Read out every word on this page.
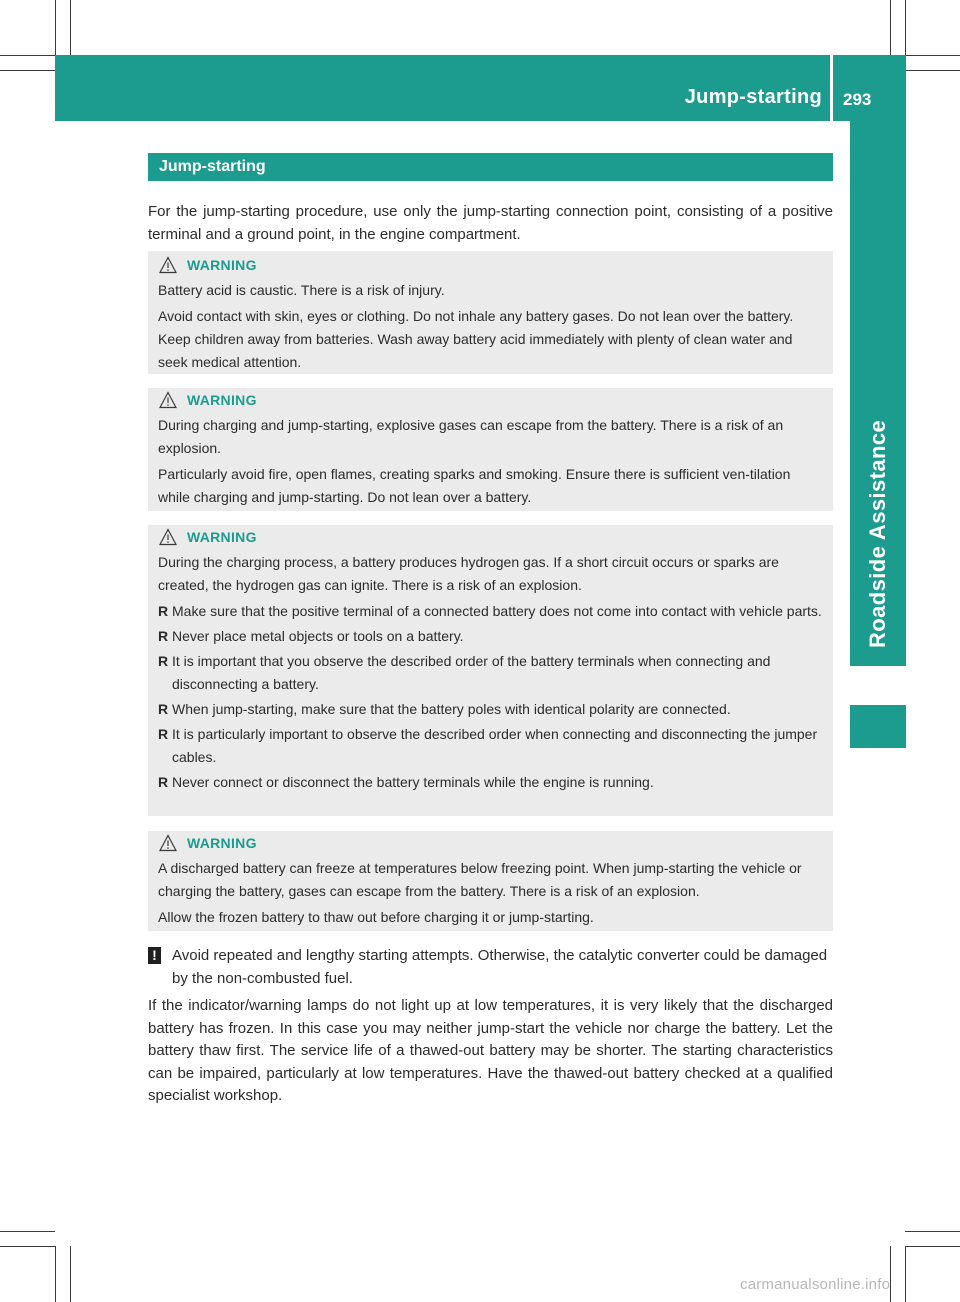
Jump-starting 293
Roadside Assistance
Jump-starting

For the jump-starting procedure, use only the jump-starting connection point, consisting of a positive terminal and a ground point, in the engine compartment.

WARNING

Battery acid is caustic. There is a risk of injury.

Avoid contact with skin, eyes or clothing. Do not inhale any battery gases. Do not lean over the battery. Keep children away from batteries. Wash away battery acid immediately with plenty of clean water and seek medical attention.

WARNING

During charging and jump-starting, explosive gases can escape from the battery. There is a risk of an explosion.

Particularly avoid fire, open flames, creating sparks and smoking. Ensure there is sufficient ven-tilation while charging and jump-starting. Do not lean over a battery.

WARNING

During the charging process, a battery produces hydrogen gas. If a short circuit occurs or sparks are created, the hydrogen gas can ignite. There is a risk of an explosion.

R Make sure that the positive terminal of a connected battery does not come into contact with vehicle parts.
R Never place metal objects or tools on a battery.
R It is important that you observe the described order of the battery terminals when connecting and disconnecting a battery.
R When jump-starting, make sure that the battery poles with identical polarity are connected.
R It is particularly important to observe the described order when connecting and disconnecting the jumper cables.
R Never connect or disconnect the battery terminals while the engine is running.
WARNING

A discharged battery can freeze at temperatures below freezing point. When jump-starting the vehicle or charging the battery, gases can escape from the battery. There is a risk of an explosion.

Allow the frozen battery to thaw out before charging it or jump-starting.

!	Avoid repeated and lengthy starting attempts. Otherwise, the catalytic converter could be damaged by the non-combusted fuel.

If the indicator/warning lamps do not light up at low temperatures, it is very likely that the discharged battery has frozen. In this case you may neither jump-start the vehicle nor charge the battery. Let the battery thaw first. The service life of a thawed-out battery may be shorter. The starting characteristics can be impaired, particularly at low temperatures. Have the thawed-out battery checked at a qualified specialist workshop.

carmanualsonline.info
